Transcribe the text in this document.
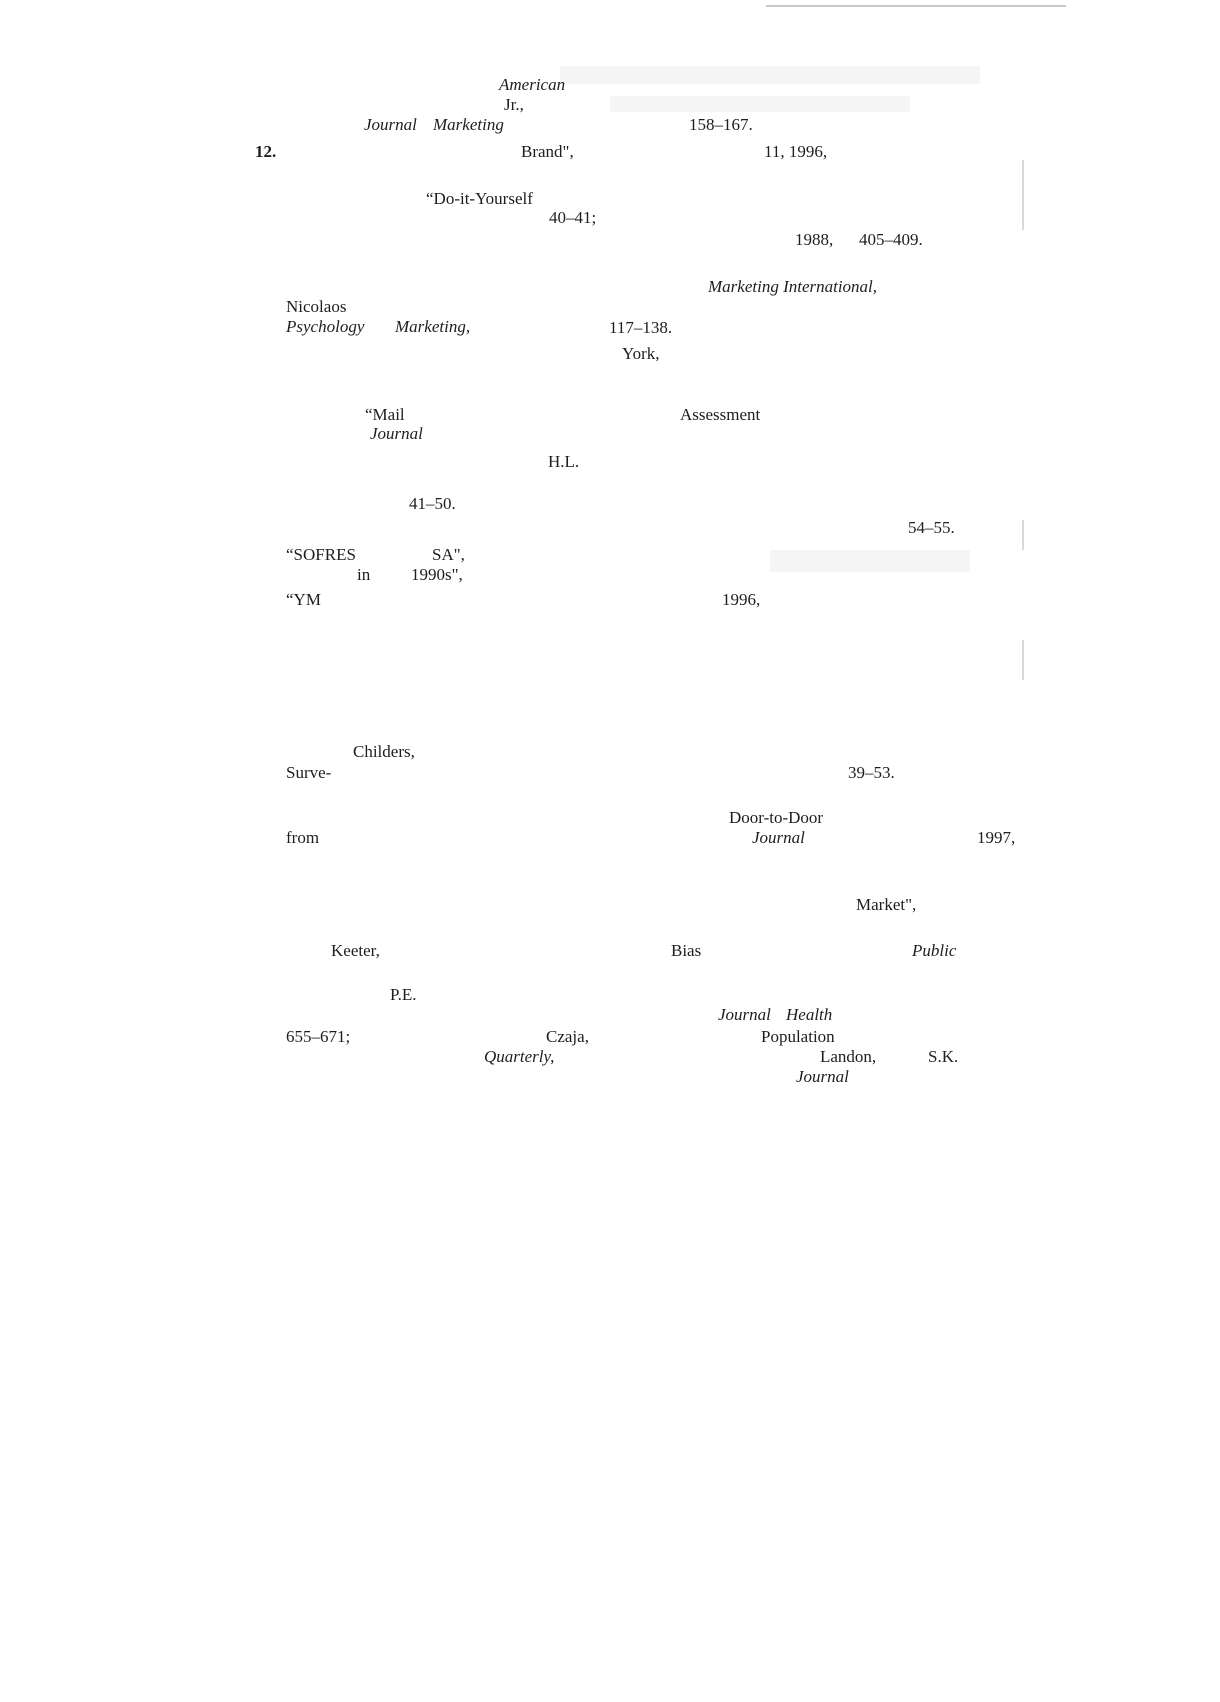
American
Jr.,
Journal Marketing	158–167.
12.	Brand",	11, 1996,
“Do-it-Yourself
40–41;
1988, 405–409.
Marketing International,
Nicolaos
Psychology Marketing,	117–138.
York,
“Mail	Assessment
Journal
H.L.
41–50.
54–55.
“SOFRES	SA",
in 1990s",
“YM	1996,
Childers,
Surve-	39–53.
Door-to-Door
from	Journal	1997,
Market",
Keeter,	Bias	Public
P.E.
Journal Health
655–671;	Czaja,	Population
Quarterly,	Landon,	S.K.
Journal
